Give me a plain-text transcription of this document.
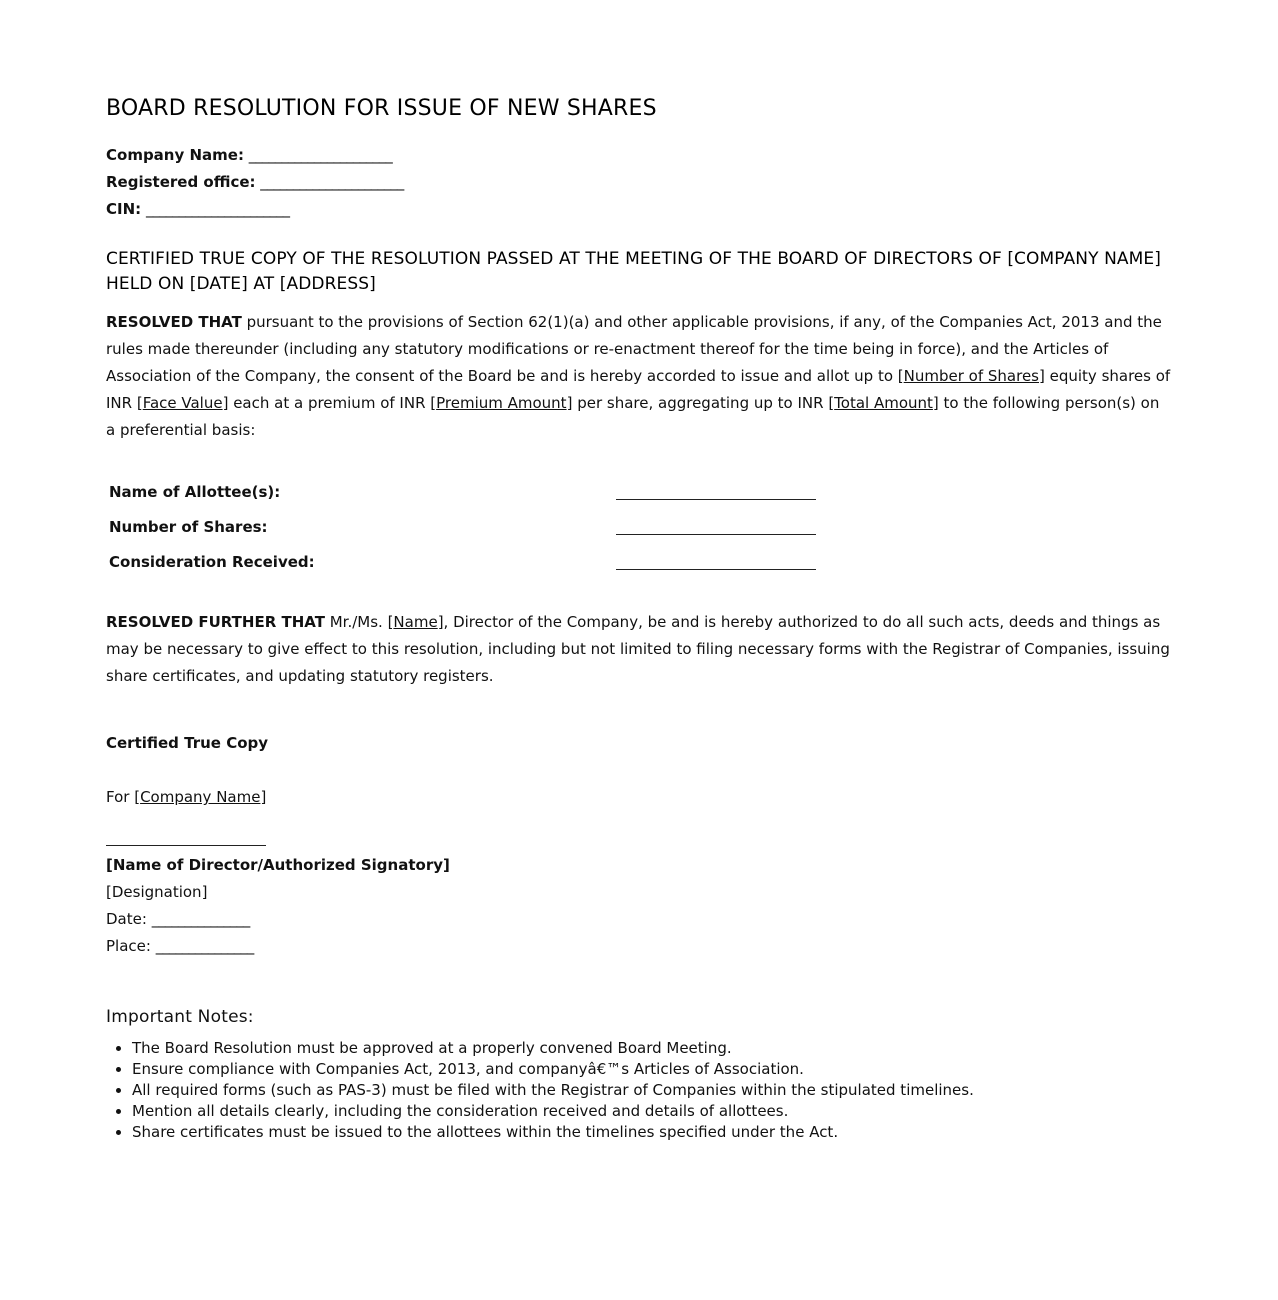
BOARD RESOLUTION FOR ISSUE OF NEW SHARES
Company Name: ______________________
Registered office: ______________________
CIN: ______________________
CERTIFIED TRUE COPY OF THE RESOLUTION PASSED AT THE MEETING OF THE BOARD OF DIRECTORS OF [COMPANY NAME] HELD ON [DATE] AT [ADDRESS]

RESOLVED THAT pursuant to the provisions of Section 62(1)(a) and other applicable provisions, if any, of the Companies Act, 2013 and the rules made thereunder (including any statutory modifications or re-enactment thereof for the time being in force), and the Articles of Association of the Company, the consent of the Board be and is hereby accorded to issue and allot up to [Number of Shares] equity shares of INR [Face Value] each at a premium of INR [Premium Amount] per share, aggregating up to INR [Total Amount] to the following person(s) on a preferential basis:

Name of Allottee(s):	

Number of Shares:	

Consideration Received:	

RESOLVED FURTHER THAT Mr./Ms. [Name], Director of the Company, be and is hereby authorized to do all such acts, deeds and things as may be necessary to give effect to this resolution, including but not limited to filing necessary forms with the Registrar of Companies, issuing share certificates, and updating statutory registers.

Certified True Copy
For [Company Name]
[Name of Director/Authorized Signatory]
[Designation]
Date: _______________
Place: _______________
Important Notes:
• The Board Resolution must be approved at a properly convened Board Meeting.
• Ensure compliance with Companies Act, 2013, and companyâ€™s Articles of Association.
• All required forms (such as PAS-3) must be filed with the Registrar of Companies within the stipulated timelines.
• Mention all details clearly, including the consideration received and details of allottees.
• Share certificates must be issued to the allottees within the timelines specified under the Act.
